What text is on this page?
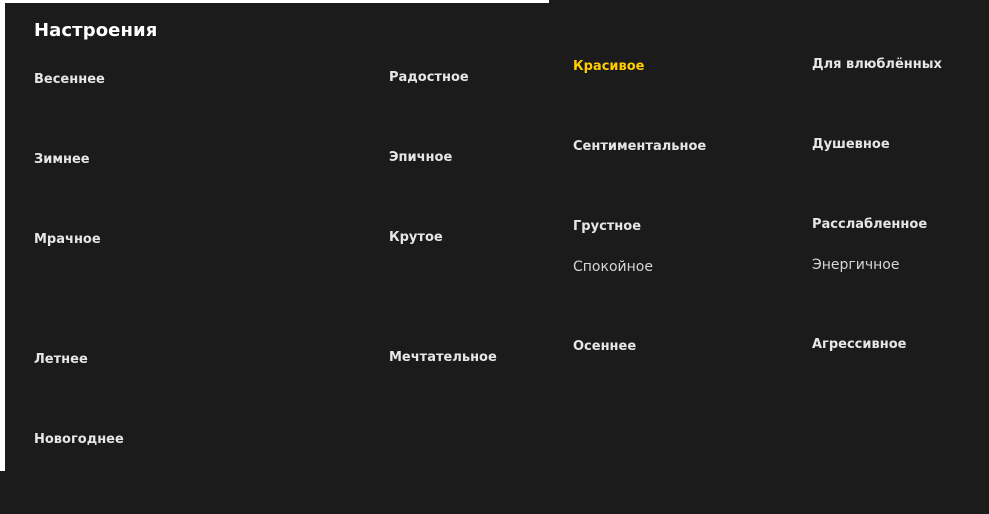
Настроения
Весеннее
Зимнее
Мрачное
Летнее
Новогоднее
Радостное
Эпичное
Крутое
Мечтательное
Красивое
Сентиментальное
Грустное
Спокойное
Осеннее
Для влюблённых
Душевное
Расслабленное
Энергичное
Агрессивное
